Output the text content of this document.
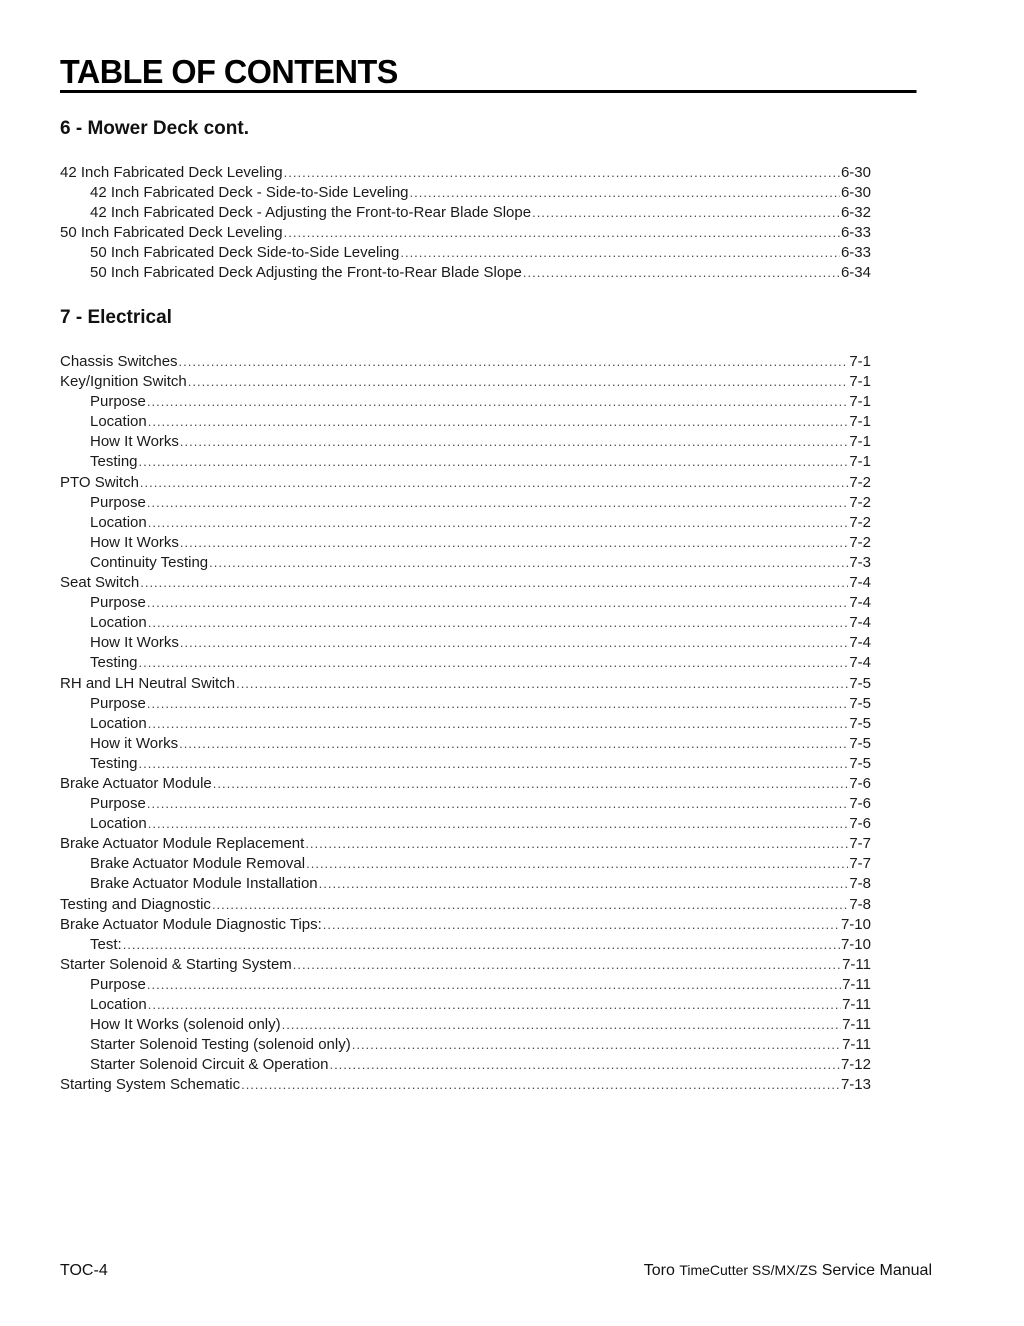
TABLE OF CONTENTS
6 - Mower Deck cont.
42 Inch Fabricated Deck Leveling .....	6-30
42 Inch Fabricated Deck - Side-to-Side Leveling .....	6-30
42 Inch Fabricated Deck - Adjusting the Front-to-Rear Blade Slope .....	6-32
50 Inch Fabricated Deck Leveling .....	6-33
50 Inch Fabricated Deck Side-to-Side Leveling .....	6-33
50 Inch Fabricated Deck Adjusting the Front-to-Rear Blade Slope .....	6-34
7 - Electrical
Chassis Switches .....	7-1
Key/Ignition Switch .....	7-1
Purpose .....	7-1
Location .....	7-1
How It Works .....	7-1
Testing .....	7-1
PTO Switch .....	7-2
Purpose .....	7-2
Location .....	7-2
How It Works .....	7-2
Continuity Testing .....	7-3
Seat Switch .....	7-4
Purpose .....	7-4
Location .....	7-4
How It Works .....	7-4
Testing .....	7-4
RH and LH Neutral Switch .....	7-5
Purpose .....	7-5
Location .....	7-5
How it Works .....	7-5
Testing .....	7-5
Brake Actuator Module .....	7-6
Purpose .....	7-6
Location .....	7-6
Brake Actuator Module Replacement .....	7-7
Brake Actuator Module Removal .....	7-7
Brake Actuator Module Installation .....	7-8
Testing and Diagnostic .....	7-8
Brake Actuator Module Diagnostic Tips: .....	7-10
Test: .....	7-10
Starter Solenoid & Starting System .....	7-11
Purpose .....	7-11
Location .....	7-11
How It Works (solenoid only) .....	7-11
Starter Solenoid Testing (solenoid only) .....	7-11
Starter Solenoid Circuit & Operation .....	7-12
Starting System Schematic .....	7-13
TOC-4	Toro TimeCutter SS/MX/ZS Service Manual
